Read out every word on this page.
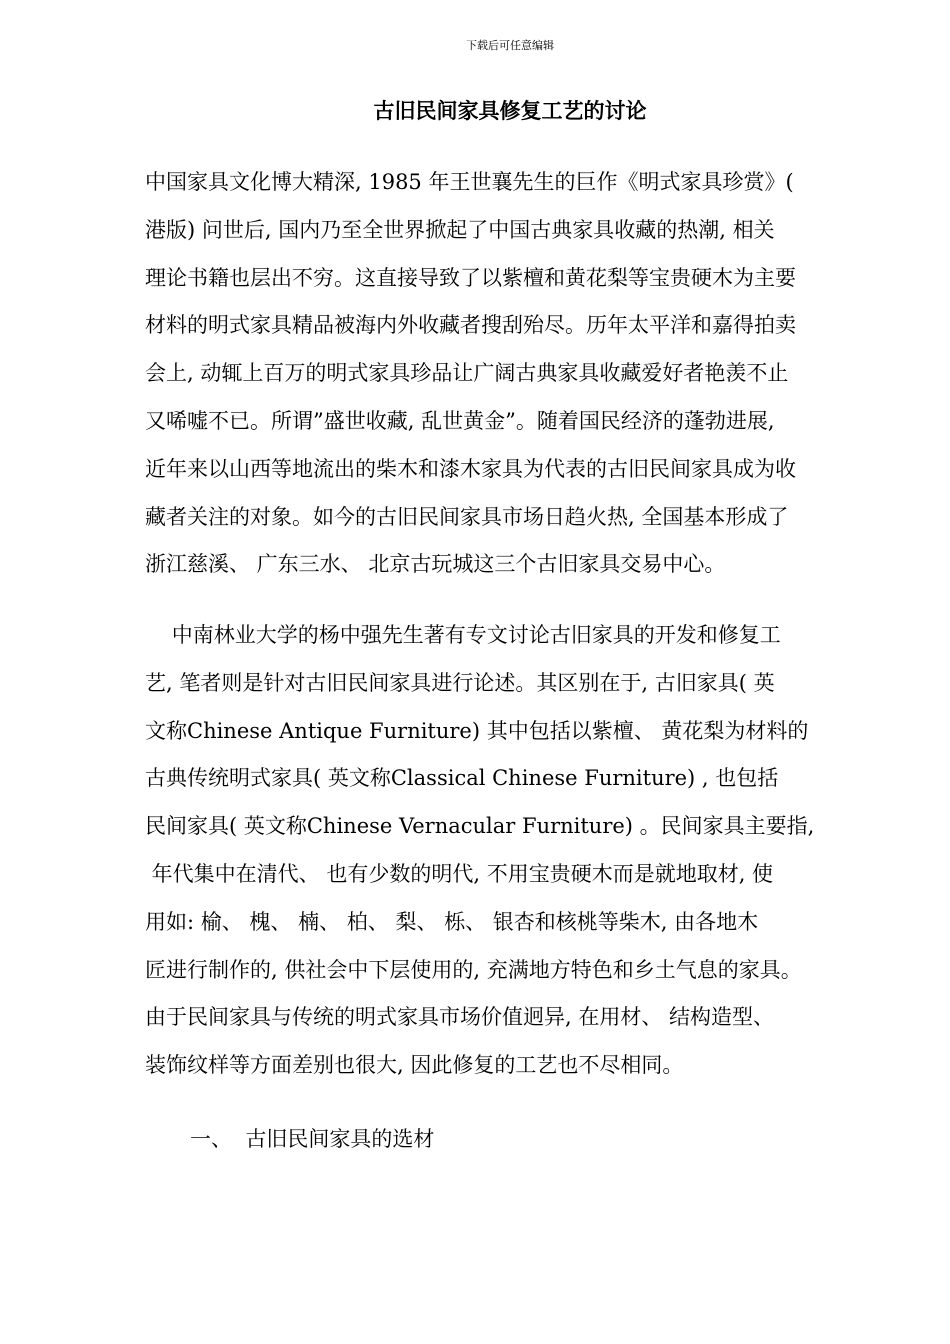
下载后可任意编辑
古旧民间家具修复工艺的讨论
中国家具文化博大精深, 1985 年王世襄先生的巨作《明式家具珍赏》(
港版) 问世后, 国内乃至全世界掀起了中国古典家具收藏的热潮, 相关
理论书籍也层出不穷。这直接导致了以紫檀和黄花梨等宝贵硬木为主要
材料的明式家具精品被海内外收藏者搜刮殆尽。历年太平洋和嘉得拍卖
会上, 动辄上百万的明式家具珍品让广阔古典家具收藏爱好者艳羡不止
又唏嘘不已。所谓”盛世收藏, 乱世黄金”。随着国民经济的蓬勃进展,
近年来以山西等地流出的柴木和漆木家具为代表的古旧民间家具成为收
藏者关注的对象。如今的古旧民间家具市场日趋火热, 全国基本形成了
浙江慈溪、 广东三水、 北京古玩城这三个古旧家具交易中心。
中南林业大学的杨中强先生著有专文讨论古旧家具的开发和修复工
艺, 笔者则是针对古旧民间家具进行论述。其区别在于, 古旧家具( 英
文称Chinese Antique Furniture) 其中包括以紫檀、 黄花梨为材料的
古典传统明式家具( 英文称Classical Chinese Furniture) , 也包括
民间家具( 英文称Chinese Vernacular Furniture) 。民间家具主要指,
年代集中在清代、 也有少数的明代, 不用宝贵硬木而是就地取材, 使
用如: 榆、 槐、 楠、 柏、 梨、 栎、 银杏和核桃等柴木, 由各地木
匠进行制作的, 供社会中下层使用的, 充满地方特色和乡土气息的家具。
由于民间家具与传统的明式家具市场价值迥异, 在用材、 结构造型、
装饰纹样等方面差别也很大, 因此修复的工艺也不尽相同。
一、  古旧民间家具的选材
